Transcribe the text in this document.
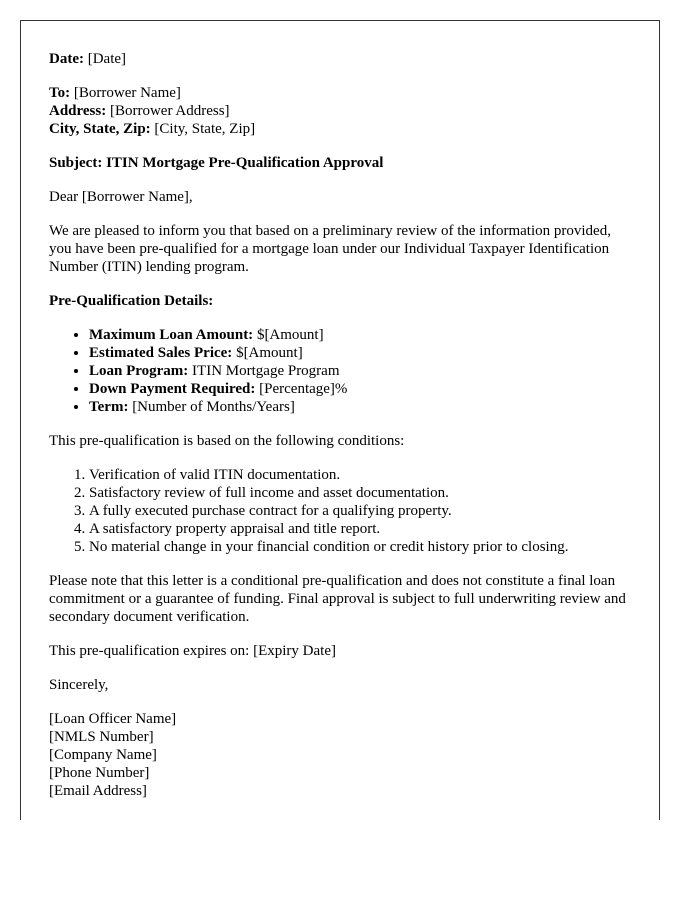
Date: [Date]

To: [Borrower Name]
Address: [Borrower Address]
City, State, Zip: [City, State, Zip]

Subject: ITIN Mortgage Pre-Qualification Approval

Dear [Borrower Name],

We are pleased to inform you that based on a preliminary review of the information provided, you have been pre-qualified for a mortgage loan under our Individual Taxpayer Identification Number (ITIN) lending program.

Pre-Qualification Details:

• Maximum Loan Amount: $[Amount]
• Estimated Sales Price: $[Amount]
• Loan Program: ITIN Mortgage Program
• Down Payment Required: [Percentage]%
• Term: [Number of Months/Years]

This pre-qualification is based on the following conditions:

1. Verification of valid ITIN documentation.
2. Satisfactory review of full income and asset documentation.
3. A fully executed purchase contract for a qualifying property.
4. A satisfactory property appraisal and title report.
5. No material change in your financial condition or credit history prior to closing.

Please note that this letter is a conditional pre-qualification and does not constitute a final loan commitment or a guarantee of funding. Final approval is subject to full underwriting review and secondary document verification.

This pre-qualification expires on: [Expiry Date]

Sincerely,

[Loan Officer Name]

[NMLS Number]

[Company Name]

[Phone Number]

[Email Address]
